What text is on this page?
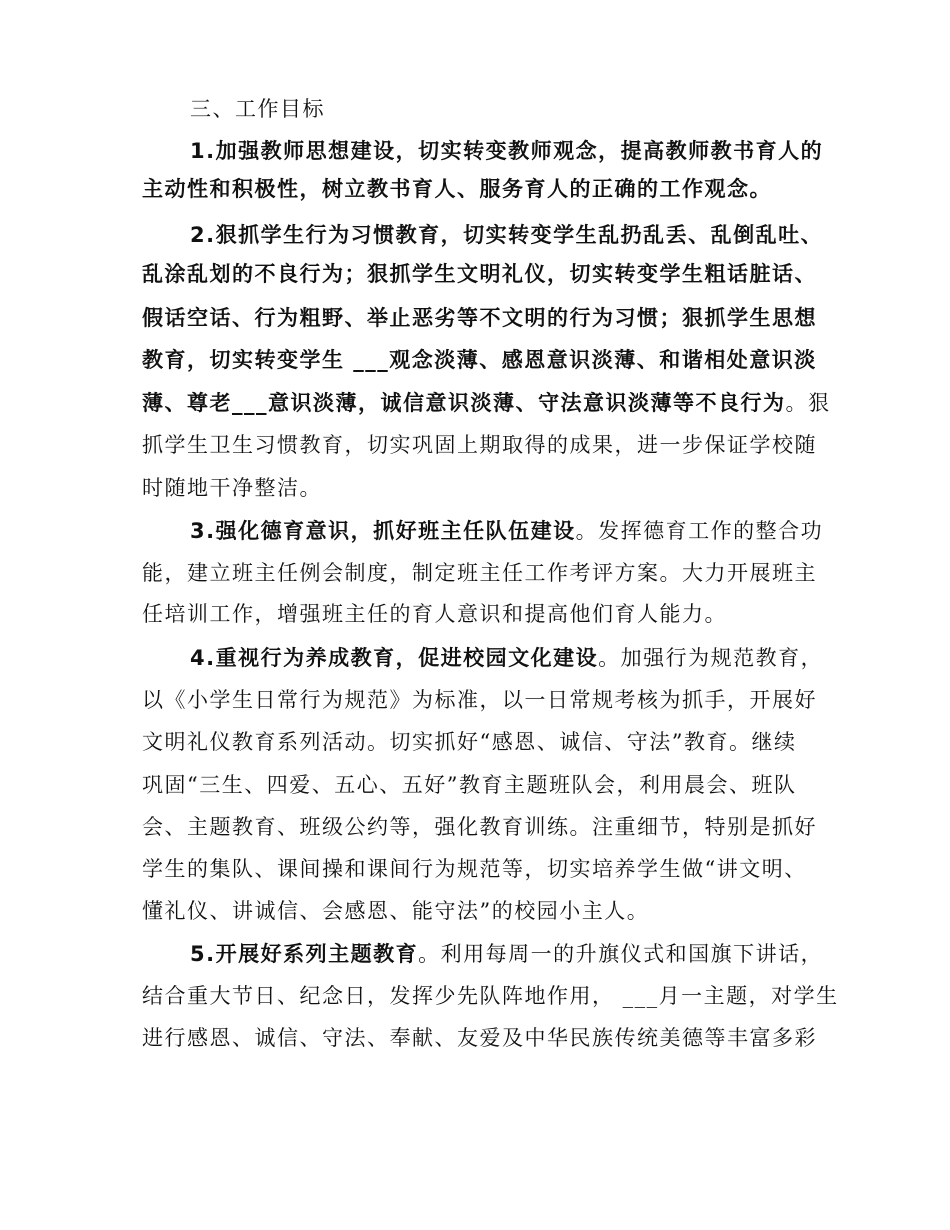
三、工作目标
1.加强教师思想建设，切实转变教师观念，提高教师教书育人的
主动性和积极性，树立教书育人、服务育人的正确的工作观念。
2.狠抓学生行为习惯教育，切实转变学生乱扔乱丢、乱倒乱吐、
乱涂乱划的不良行为；狠抓学生文明礼仪，切实转变学生粗话脏话、
假话空话、行为粗野、举止恶劣等不文明的行为习惯；狠抓学生思想
教育，切实转变学生 ___观念淡薄、感恩意识淡薄、和谐相处意识淡
薄、尊老___意识淡薄，诚信意识淡薄、守法意识淡薄等不良行为。狠
抓学生卫生习惯教育，切实巩固上期取得的成果，进一步保证学校随
时随地干净整洁。
3.强化德育意识，抓好班主任队伍建设。发挥德育工作的整合功
能，建立班主任例会制度，制定班主任工作考评方案。大力开展班主
任培训工作，增强班主任的育人意识和提高他们育人能力。
4.重视行为养成教育，促进校园文化建设。加强行为规范教育，
以《小学生日常行为规范》为标准，以一日常规考核为抓手，开展好
文明礼仪教育系列活动。切实抓好“感恩、诚信、守法”教育。继续
巩固“三生、四爱、五心、五好”教育主题班队会，利用晨会、班队
会、主题教育、班级公约等，强化教育训练。注重细节，特别是抓好
学生的集队、课间操和课间行为规范等，切实培养学生做“讲文明、
懂礼仪、讲诚信、会感恩、能守法”的校园小主人。
5.开展好系列主题教育。利用每周一的升旗仪式和国旗下讲话，
结合重大节日、纪念日，发挥少先队阵地作用， ___月一主题，对学生
进行感恩、诚信、守法、奉献、友爱及中华民族传统美德等丰富多彩
